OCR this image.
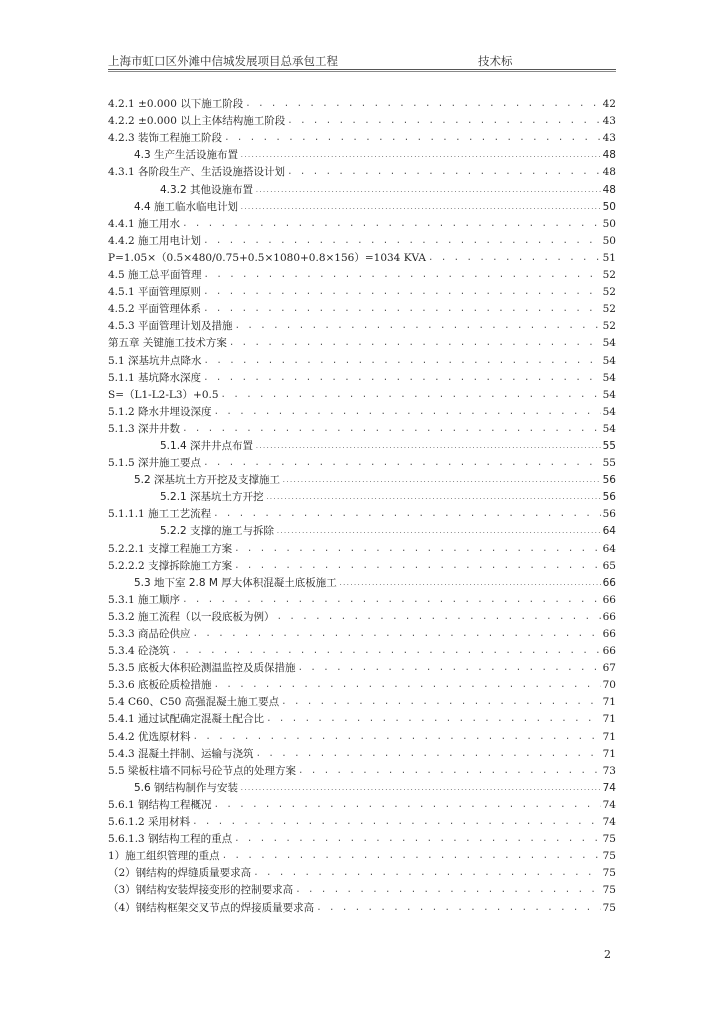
上海市虹口区外滩中信城发展项目总承包工程	技术标
4.2.1 ±0.000 以下施工阶段 . . .	42
4.2.2 ±0.000 以上主体结构施工阶段 . . .	43
4.2.3 装饰工程施工阶段 . . .	43
4.3 生产生活设施布置 .....	48
4.3.1 各阶段生产、生活设施搭设计划 . . .	48
4.3.2 其他设施布置 .....	48
4.4 施工临水临电计划 .....	50
4.4.1 施工用水 . . .	50
4.4.2 施工用电计划 . . .	50
P=1.05×（0.5×480/0.75+0.5×1080+0.8×156）=1034 KVA . . .	51
4.5 施工总平面管理 . . .	52
4.5.1 平面管理原则 . . .	52
4.5.2 平面管理体系 . . .	52
4.5.3 平面管理计划及措施 . . .	52
第五章 关键施工技术方案 . . .	54
5.1 深基坑井点降水 . . .	54
5.1.1 基坑降水深度 . . .	54
S=（L1-L2-L3）+0.5 . . .	54
5.1.2 降水井埋设深度 . . .	54
5.1.3 深井井数 . . .	54
5.1.4 深井井点布置 .....	55
5.1.5 深井施工要点 . . .	55
5.2 深基坑土方开挖及支撑施工 .....	56
5.2.1 深基坑土方开挖 .....	56
5.1.1.1 施工工艺流程 . . .	56
5.2.2 支撑的施工与拆除 .....	64
5.2.2.1 支撑工程施工方案 . . .	64
5.2.2.2 支撑拆除施工方案 . . .	65
5.3 地下室 2.8 M 厚大体积混凝土底板施工 .....	66
5.3.1 施工顺序 . . .	66
5.3.2 施工流程（以一段底板为例） . . .	66
5.3.3 商品砼供应 . . .	66
5.3.4 砼浇筑 . . .	66
5.3.5 底板大体积砼测温监控及质保措施 . . .	67
5.3.6 底板砼质检措施 . . .	70
5.4 C60、C50 高强混凝土施工要点 . . .	71
5.4.1 通过试配确定混凝土配合比 . . .	71
5.4.2 优选原材料 . . .	71
5.4.3 混凝土拌制、运输与浇筑 . . .	71
5.5 梁板柱墙不同标号砼节点的处理方案 . . .	73
5.6 钢结构制作与安装 .....	74
5.6.1 钢结构工程概况 . . .	74
5.6.1.2 采用材料 . . .	74
5.6.1.3 钢结构工程的重点 . . .	75
1）施工组织管理的重点 . . .	75
（2）钢结构的焊缝质量要求高 . . .	75
（3）钢结构安装焊接变形的控制要求高 . . .	75
（4）钢结构框架交叉节点的焊接质量要求高 . . .	75
2
